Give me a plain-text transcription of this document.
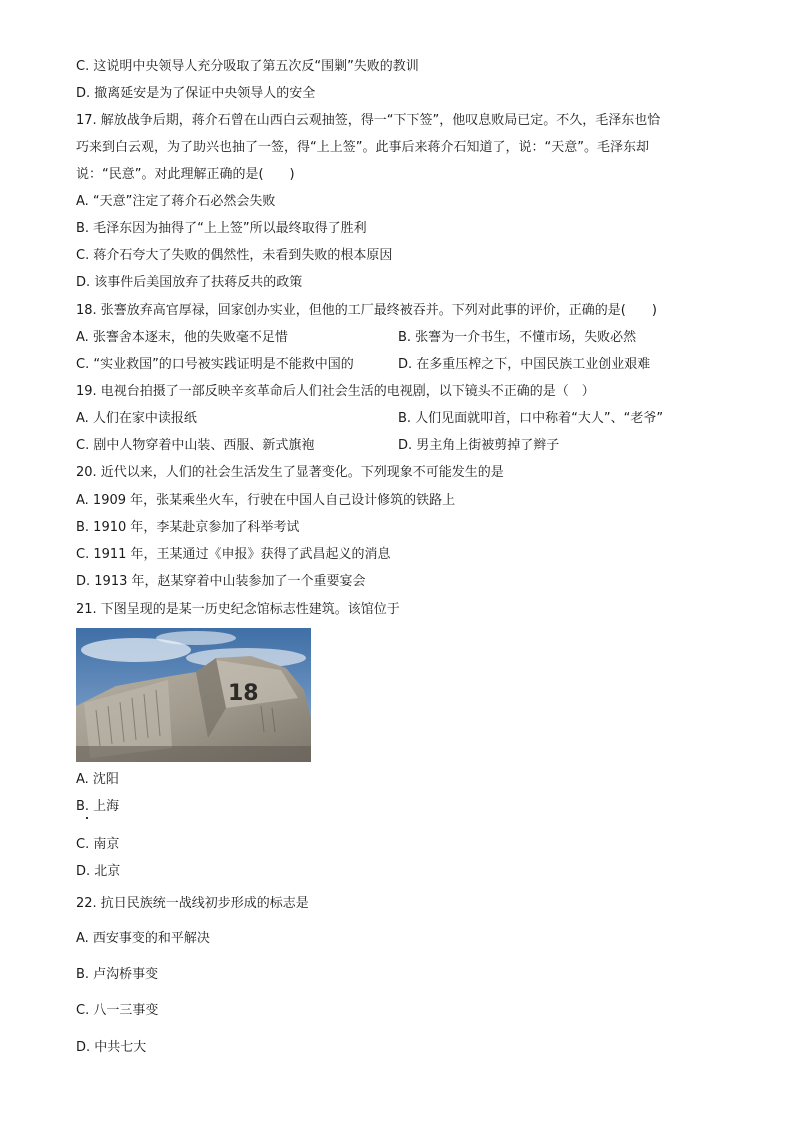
C. 这说明中央领导人充分吸取了第五次反“围剿”失败的教训
D. 撤离延安是为了保证中央领导人的安全
17. 解放战争后期，蒋介石曾在山西白云观抽签，得一“下下签”，他叹息败局已定。不久，毛泽东也恰
巧来到白云观，为了助兴也抽了一签，得“上上签”。此事后来蒋介石知道了，说：“天意”。毛泽东却
说：“民意”。对此理解正确的是(　　)
A. “天意”注定了蒋介石必然会失败
B. 毛泽东因为抽得了“上上签”所以最终取得了胜利
C. 蒋介石夸大了失败的偶然性，未看到失败的根本原因
D. 该事件后美国放弃了扶蒋反共的政策
18. 张謇放弃高官厚禄，回家创办实业，但他的工厂最终被吞并。下列对此事的评价，正确的是(　　)
A. 张謇舍本逐末，他的失败毫不足惜	B. 张謇为一介书生，不懂市场，失败必然
C. “实业救国”的口号被实践证明是不能救中国的	D. 在多重压榨之下，中国民族工业创业艰难
19. 电视台拍摄了一部反映辛亥革命后人们社会生活的电视剧，以下镜头不正确的是（　）
A. 人们在家中读报纸	B. 人们见面就叩首，口中称着“大人”、“老爷”
C. 剧中人物穿着中山装、西服、新式旗袍	D. 男主角上街被剪掉了辫子
20. 近代以来，人们的社会生活发生了显著变化。下列现象不可能发生的是
A. 1909 年，张某乘坐火车，行驶在中国人自己设计修筑的铁路上
B. 1910 年，李某赴京参加了科举考试
C. 1911 年，王某通过《申报》获得了武昌起义的消息
D. 1913 年，赵某穿着中山装参加了一个重要宴会
21. 下图呈现的是某一历史纪念馆标志性建筑。该馆位于
18
A. 沈阳
B. 上海
C. 南京
D. 北京
22. 抗日民族统一战线初步形成的标志是
A. 西安事变的和平解决
B. 卢沟桥事变
C. 八一三事变
D. 中共七大
